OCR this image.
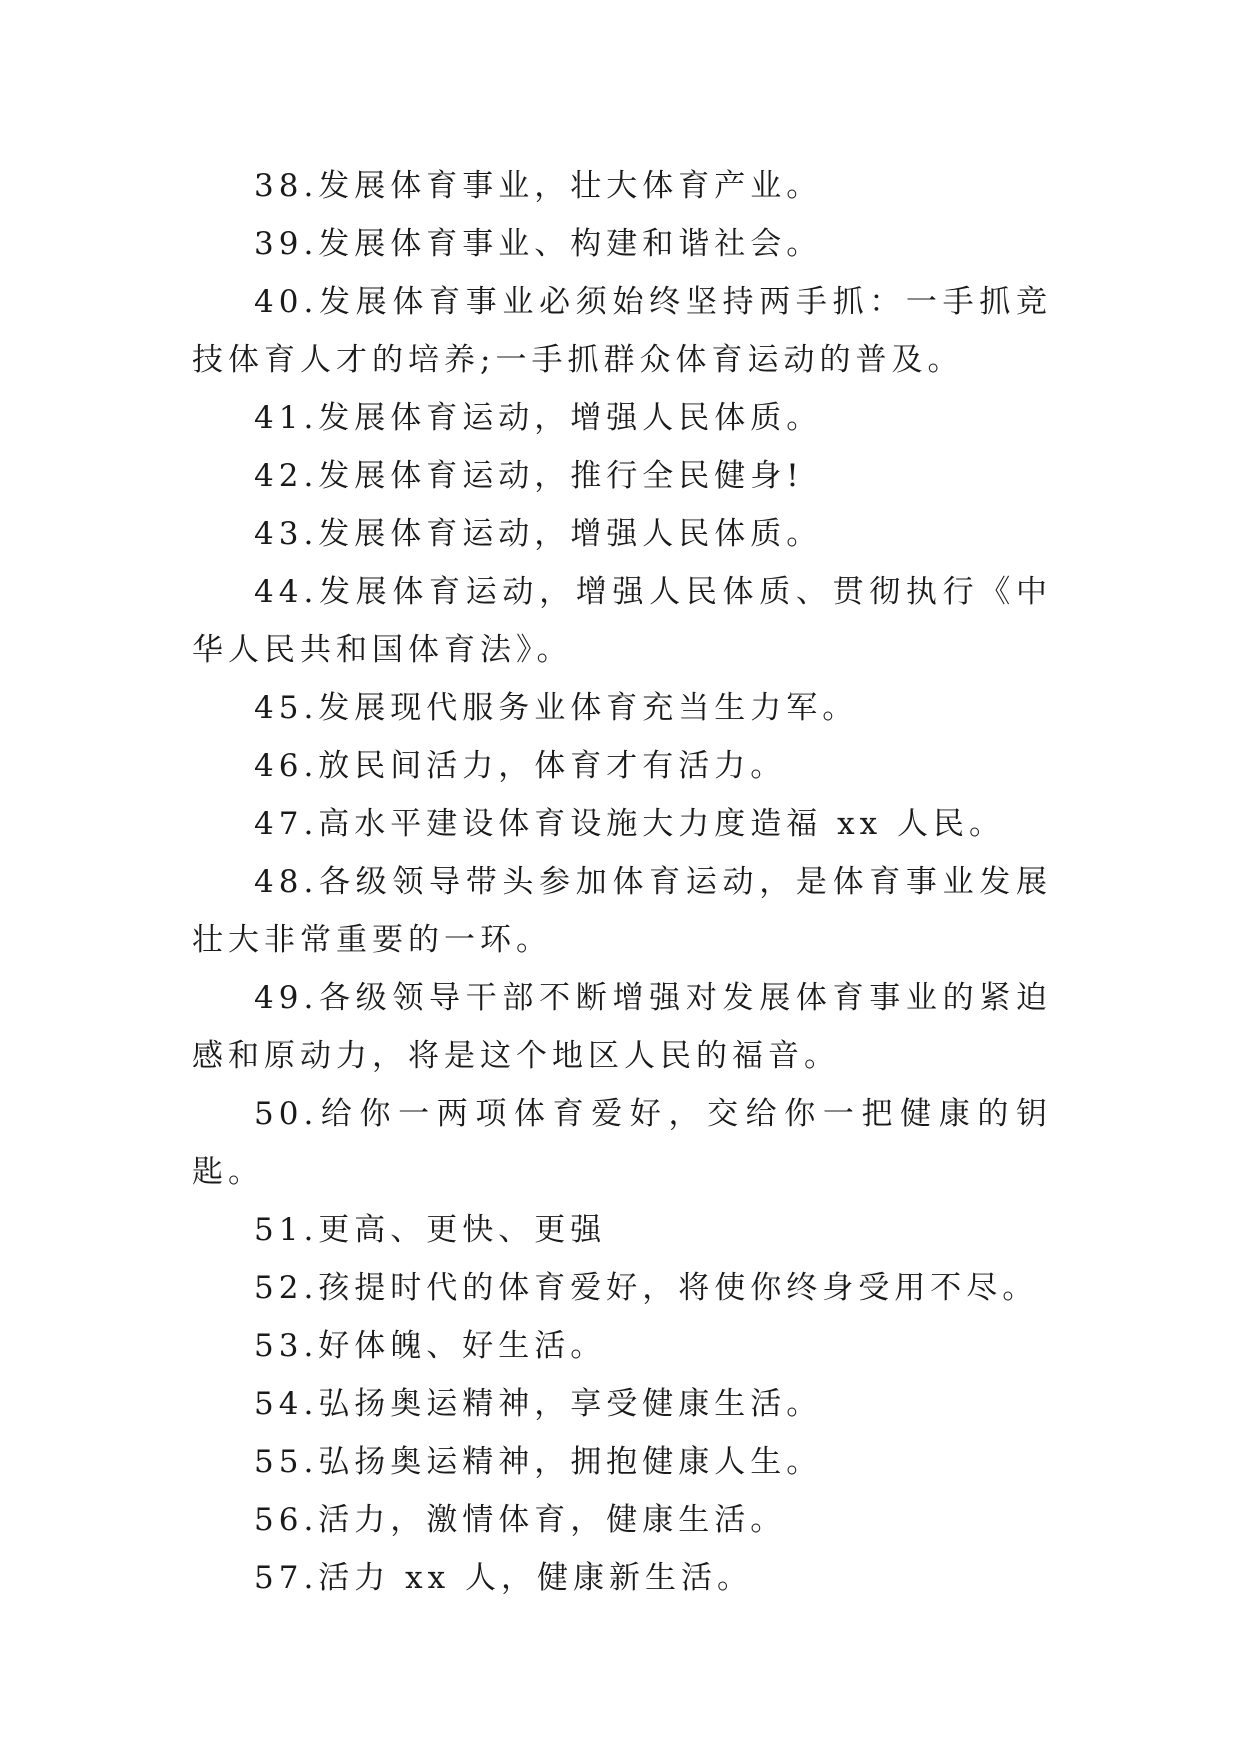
38.发展体育事业，壮大体育产业。

39.发展体育事业、构建和谐社会。

40.发展体育事业必须始终坚持两手抓：一手抓竞技体育人才的培养;一手抓群众体育运动的普及。

41.发展体育运动，增强人民体质。

42.发展体育运动，推行全民健身!

43.发展体育运动，增强人民体质。

44.发展体育运动，增强人民体质、贯彻执行《中华人民共和国体育法》。

45.发展现代服务业体育充当生力军。

46.放民间活力，体育才有活力。

47.高水平建设体育设施大力度造福 xx 人民。

48.各级领导带头参加体育运动，是体育事业发展壮大非常重要的一环。

49.各级领导干部不断增强对发展体育事业的紧迫感和原动力，将是这个地区人民的福音。

50.给你一两项体育爱好，交给你一把健康的钥匙。

51.更高、更快、更强

52.孩提时代的体育爱好，将使你终身受用不尽。

53.好体魄、好生活。

54.弘扬奥运精神，享受健康生活。

55.弘扬奥运精神，拥抱健康人生。

56.活力，激情体育，健康生活。

57.活力 xx 人，健康新生活。
